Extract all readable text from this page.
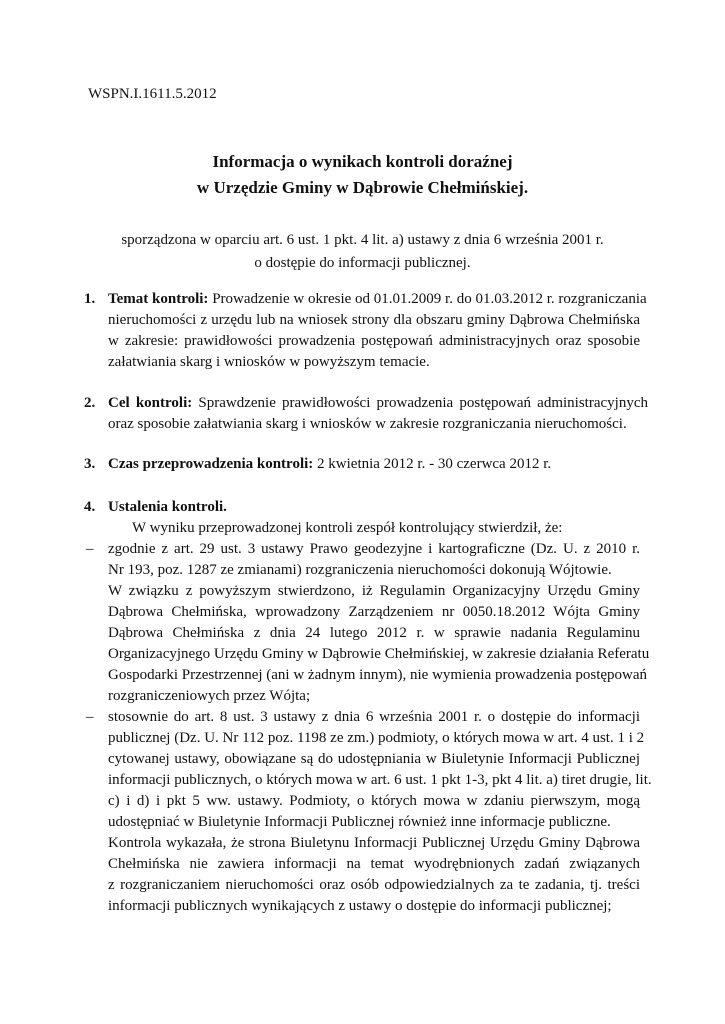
WSPN.I.1611.5.2012
Informacja o wynikach kontroli doraźnej
w Urzędzie Gminy w Dąbrowie Chełmińskiej.
sporządzona w oparciu art. 6 ust. 1 pkt. 4 lit. a) ustawy z dnia 6 września 2001 r.
o dostępie do informacji publicznej.
1. Temat kontroli: Prowadzenie w okresie od 01.01.2009 r. do 01.03.2012 r. rozgraniczania
nieruchomości z urzędu lub na wniosek strony dla obszaru gminy Dąbrowa Chełmińska
w zakresie: prawidłowości prowadzenia postępowań administracyjnych oraz sposobie
załatwiania skarg i wniosków w powyższym temacie.
2. Cel kontroli: Sprawdzenie prawidłowości prowadzenia postępowań administracyjnych
oraz sposobie załatwiania skarg i wniosków w zakresie rozgraniczania nieruchomości.
3. Czas przeprowadzenia kontroli: 2 kwietnia 2012 r. - 30 czerwca 2012 r.
4. Ustalenia kontroli.
W wyniku przeprowadzonej kontroli zespół kontrolujący stwierdził, że:
– zgodnie z art. 29 ust. 3 ustawy Prawo geodezyjne i kartograficzne (Dz. U. z 2010 r.
Nr 193, poz. 1287 ze zmianami) rozgraniczenia nieruchomości dokonują Wójtowie.
W związku z powyższym stwierdzono, iż Regulamin Organizacyjny Urzędu Gminy
Dąbrowa Chełmińska, wprowadzony Zarządzeniem nr 0050.18.2012 Wójta Gminy
Dąbrowa Chełmińska z dnia 24 lutego 2012 r. w sprawie nadania Regulaminu
Organizacyjnego Urzędu Gminy w Dąbrowie Chełmińskiej, w zakresie działania Referatu
Gospodarki Przestrzennej (ani w żadnym innym), nie wymienia prowadzenia postępowań
rozgraniczeniowych przez Wójta;
– stosownie do art. 8 ust. 3 ustawy z dnia 6 września 2001 r. o dostępie do informacji
publicznej (Dz. U. Nr 112 poz. 1198 ze zm.) podmioty, o których mowa w art. 4 ust. 1 i 2
cytowanej ustawy, obowiązane są do udostępniania w Biuletynie Informacji Publicznej
informacji publicznych, o których mowa w art. 6 ust. 1 pkt 1-3, pkt 4 lit. a) tiret drugie, lit.
c) i d) i pkt 5 ww. ustawy. Podmioty, o których mowa w zdaniu pierwszym, mogą
udostępniać w Biuletynie Informacji Publicznej również inne informacje publiczne.
Kontrola wykazała, że strona Biuletynu Informacji Publicznej Urzędu Gminy Dąbrowa
Chełmińska nie zawiera informacji na temat wyodrębnionych zadań związanych
z rozgraniczaniem nieruchomości oraz osób odpowiedzialnych za te zadania, tj. treści
informacji publicznych wynikających z ustawy o dostępie do informacji publicznej;
